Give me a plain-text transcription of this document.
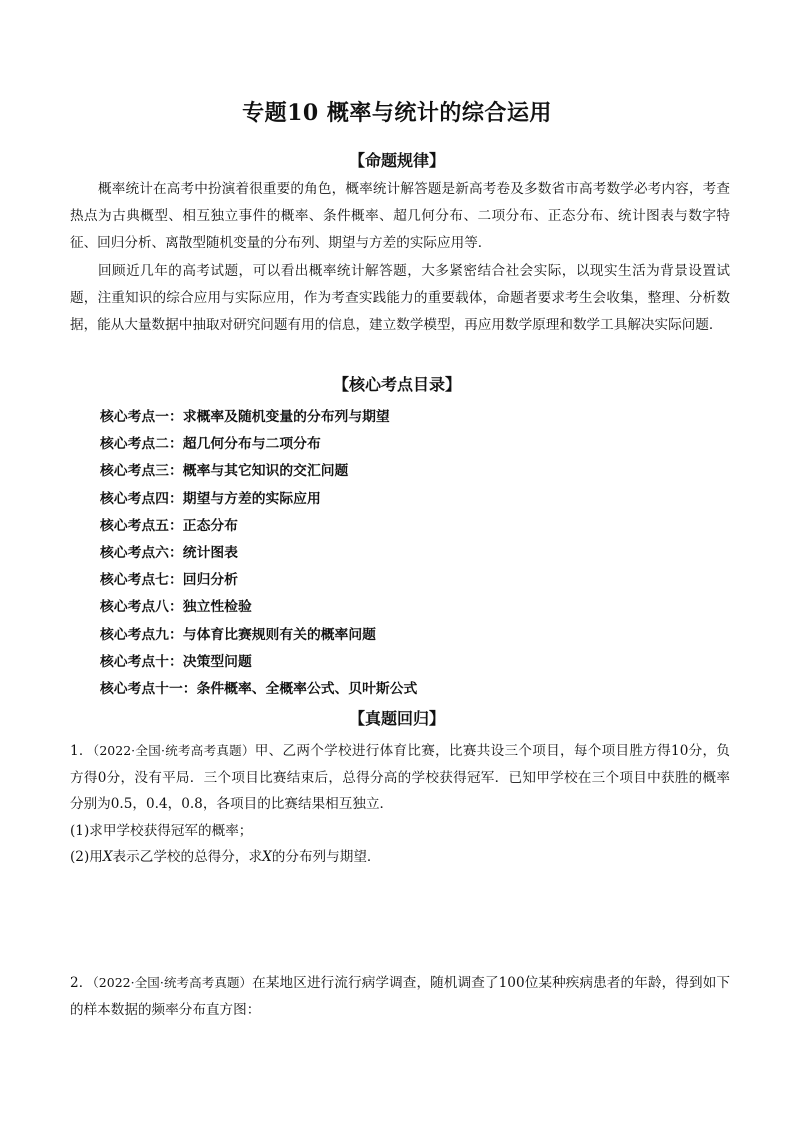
专题10 概率与统计的综合运用
【命题规律】
概率统计在高考中扮演着很重要的角色，概率统计解答题是新高考卷及多数省市高考数学必考内容，考查热点为古典概型、相互独立事件的概率、条件概率、超几何分布、二项分布、正态分布、统计图表与数字特征、回归分析、离散型随机变量的分布列、期望与方差的实际应用等．
回顾近几年的高考试题，可以看出概率统计解答题，大多紧密结合社会实际，以现实生活为背景设置试题，注重知识的综合应用与实际应用，作为考查实践能力的重要载体，命题者要求考生会收集，整理、分析数据，能从大量数据中抽取对研究问题有用的信息，建立数学模型，再应用数学原理和数学工具解决实际问题．
【核心考点目录】
核心考点一：求概率及随机变量的分布列与期望
核心考点二：超几何分布与二项分布
核心考点三：概率与其它知识的交汇问题
核心考点四：期望与方差的实际应用
核心考点五：正态分布
核心考点六：统计图表
核心考点七：回归分析
核心考点八：独立性检验
核心考点九：与体育比赛规则有关的概率问题
核心考点十：决策型问题
核心考点十一：条件概率、全概率公式、贝叶斯公式
【真题回归】
1．（2022·全国·统考高考真题）甲、乙两个学校进行体育比赛，比赛共设三个项目，每个项目胜方得10分，负方得0分，没有平局．三个项目比赛结束后，总得分高的学校获得冠军．已知甲学校在三个项目中获胜的概率分别为0.5，0.4，0.8，各项目的比赛结果相互独立．
(1)求甲学校获得冠军的概率；
(2)用X表示乙学校的总得分，求X的分布列与期望．
2．（2022·全国·统考高考真题）在某地区进行流行病学调查，随机调查了100位某种疾病患者的年龄，得到如下的样本数据的频率分布直方图：
